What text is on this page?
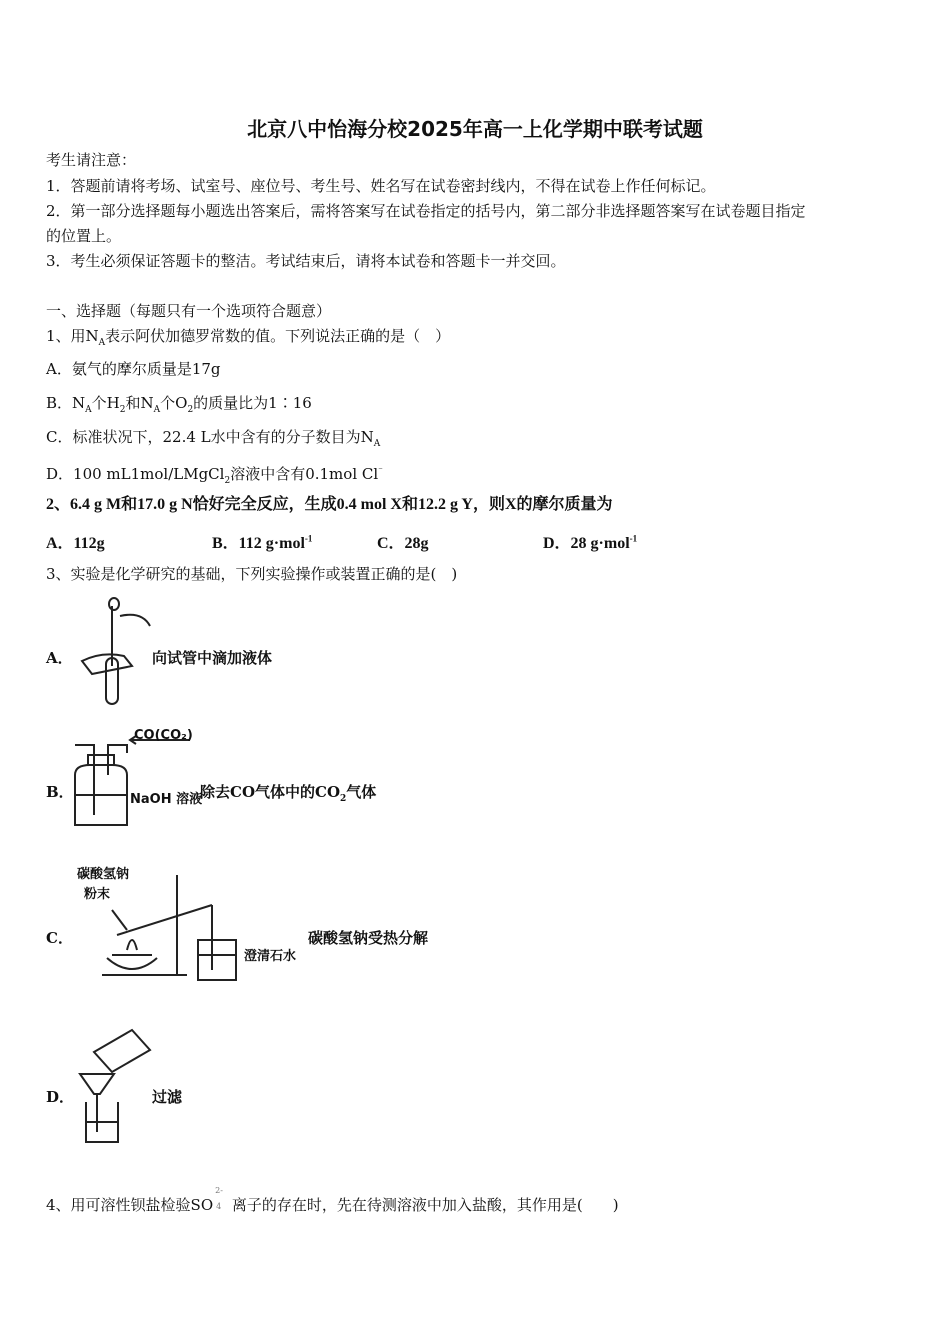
北京八中怡海分校2025年高一上化学期中联考试题
考生请注意：
1．答题前请将考场、试室号、座位号、考生号、姓名写在试卷密封线内，不得在试卷上作任何标记。
2．第一部分选择题每小题选出答案后，需将答案写在试卷指定的括号内，第二部分非选择题答案写在试卷题目指定
的位置上。
3．考生必须保证答题卡的整洁。考试结束后，请将本试卷和答题卡一并交回。
一、选择题（每题只有一个选项符合题意）
1、用$N_A$表示阿伏加德罗常数的值。下列说法正确的是（　）
A．氨气的摩尔质量是17g
B．$N_A$个$H_2$和$N_A$个$O_2$的质量比为1∶16
C．标准状况下，22.4 L水中含有的分子数目为$N_A$
D．100 mL1mol/LMgCl$_2$溶液中含有0.1mol Cl⁻
2、6.4 g M和17.0 g N恰好完全反应，生成0.4 mol X和12.2 g Y，则X的摩尔质量为
A．112g	B．112 g·mol$^{-1}$	C．28g	D．28 g·mol$^{-1}$
3、实验是化学研究的基础，下列实验操作或装置正确的是(　)
A．	向试管中滴加液体
B．
CO(CO₂)
NaOH 溶液
除去CO气体中的$CO_2$气体
C．
碳酸氢钠
粉末
澄清石水
碳酸氢钠受热分解
D．	过滤
4、用可溶性钡盐检验SO
2-
4 离子的存在时，先在待测溶液中加入盐酸，其作用是(　　)
